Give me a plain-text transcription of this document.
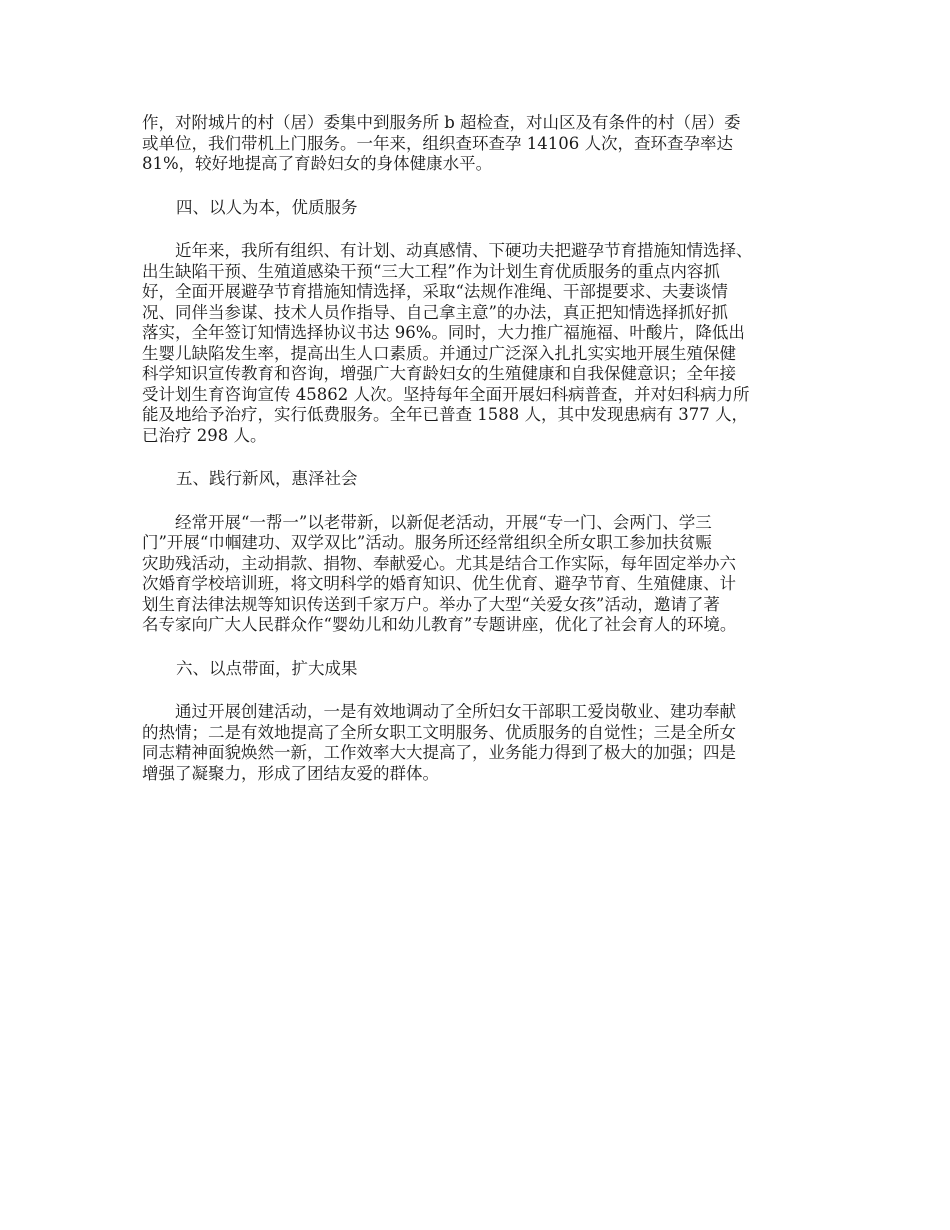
作，对附城片的村（居）委集中到服务所 b 超检查，对山区及有条件的村（居）委
或单位，我们带机上门服务。一年来，组织查环查孕 14106 人次，查环查孕率达
81%，较好地提高了育龄妇女的身体健康水平。
四、以人为本，优质服务
　　近年来，我所有组织、有计划、动真感情、下硬功夫把避孕节育措施知情选择、
出生缺陷干预、生殖道感染干预“三大工程”作为计划生育优质服务的重点内容抓
好，全面开展避孕节育措施知情选择，采取“法规作准绳、干部提要求、夫妻谈情
况、同伴当参谋、技术人员作指导、自己拿主意”的办法，真正把知情选择抓好抓
落实，全年签订知情选择协议书达 96%。同时，大力推广福施福、叶酸片，降低出
生婴儿缺陷发生率，提高出生人口素质。并通过广泛深入扎扎实实地开展生殖保健
科学知识宣传教育和咨询，增强广大育龄妇女的生殖健康和自我保健意识；全年接
受计划生育咨询宣传 45862 人次。坚持每年全面开展妇科病普查，并对妇科病力所
能及地给予治疗，实行低费服务。全年已普查 1588 人，其中发现患病有 377 人，
已治疗 298 人。
五、践行新风，惠泽社会
　　经常开展“一帮一”以老带新，以新促老活动，开展“专一门、会两门、学三
门”开展“巾帼建功、双学双比”活动。服务所还经常组织全所女职工参加扶贫赈
灾助残活动，主动捐款、捐物、奉献爱心。尤其是结合工作实际，每年固定举办六
次婚育学校培训班，将文明科学的婚育知识、优生优育、避孕节育、生殖健康、计
划生育法律法规等知识传送到千家万户。举办了大型“关爱女孩”活动，邀请了著
名专家向广大人民群众作“婴幼儿和幼儿教育”专题讲座，优化了社会育人的环境。
六、以点带面，扩大成果
　　通过开展创建活动，一是有效地调动了全所妇女干部职工爱岗敬业、建功奉献
的热情；二是有效地提高了全所女职工文明服务、优质服务的自觉性；三是全所女
同志精神面貌焕然一新，工作效率大大提高了，业务能力得到了极大的加强；四是
增强了凝聚力，形成了团结友爱的群体。
